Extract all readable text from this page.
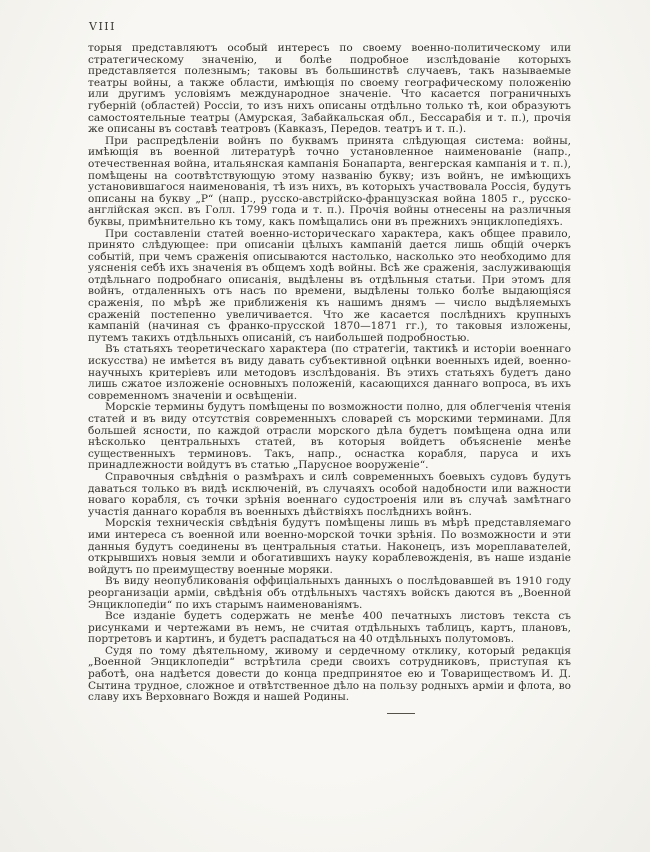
VIII

торыя представляютъ особый интересъ по своему военно-политическому или стратегическому значенію, и болѣе подробное изслѣдованіе которыхъ представляется полезнымъ; таковы въ большинствѣ случаевъ, такъ называемые театры войны, а также области, имѣющія по своему географическому положенію или другимъ условіямъ международное значеніе. Что касается пограничныхъ губерній (областей) Россіи, то изъ нихъ описаны отдѣльно только тѣ, кои образуютъ самостоятельные театры (Амурская, Забайкальская обл., Бессарабія и т. п.), прочія же описаны въ составѣ театровъ (Кавказъ, Передов. театръ и т. п.).

При распредѣленіи войнъ по буквамъ принята слѣдующая система: войны, имѣющія въ военной литературѣ точно установленное наименованіе (напр., отечественная война, итальянская кампанія Бонапарта, венгерская кампанія и т. п.), помѣщены на соотвѣтствующую этому названію букву; изъ войнъ, не имѣющихъ установившагося наименованія, тѣ изъ нихъ, въ которыхъ участвовала Россія, будутъ описаны на букву „Р“ (напр., русско-австрійско-французская война 1805 г., русско-англійская эксп. въ Голл. 1799 года и т. п.). Прочія войны отнесены на различныя буквы, примѣнительно къ тому, какъ помѣщались они въ прежнихъ энциклопедіяхъ.

При составленіи статей военно-историческаго характера, какъ общее правило, принято слѣдующее: при описаніи цѣлыхъ кампаній дается лишь общій очеркъ событій, при чемъ сраженія описываются настолько, насколько это необходимо для уясненія себѣ ихъ значенія въ общемъ ходѣ войны. Всѣ же сраженія, заслуживающія отдѣльнаго подробнаго описанія, выдѣлены въ отдѣльныя статьи. При этомъ для войнъ, отдаленныхъ отъ насъ по времени, выдѣлены только болѣе выдающіяся сраженія, по мѣрѣ же приближенія къ нашимъ днямъ — число выдѣляемыхъ сраженій постепенно увеличивается. Что же касается послѣднихъ крупныхъ кампаній (начиная съ франко-прусской 1870—1871 гг.), то таковыя изложены, путемъ такихъ отдѣльныхъ описаній, съ наибольшей подробностью.

Въ статьяхъ теоретическаго характера (по стратегіи, тактикѣ и исторіи военнаго искусства) не имѣется въ виду давать субъективной оцѣнки военныхъ идей, военно-научныхъ критеріевъ или методовъ изслѣдованія. Въ этихъ статьяхъ будетъ дано лишь сжатое изложеніе основныхъ положеній, касающихся даннаго вопроса, въ ихъ современномъ значеніи и освѣщеніи.

Морскіе термины будутъ помѣщены по возможности полно, для облегченія чтенія статей и въ виду отсутствія современныхъ словарей съ морскими терминами. Для большей ясности, по каждой отрасли морского дѣла будетъ помѣщена одна или нѣсколько центральныхъ статей, въ которыя войдетъ объясненіе менѣе существенныхъ терминовъ. Такъ, напр., оснастка корабля, паруса и ихъ принадлежности войдутъ въ статью „Парусное вооруженіе“.

Справочныя свѣдѣнія о размѣрахъ и силѣ современныхъ боевыхъ судовъ будутъ даваться только въ видѣ исключеній, въ случаяхъ особой надобности или важности новаго корабля, съ точки зрѣнія военнаго судостроенія или въ случаѣ замѣтнаго участія даннаго корабля въ военныхъ дѣйствіяхъ послѣднихъ войнъ.

Морскія техническія свѣдѣнія будутъ помѣщены лишь въ мѣрѣ представляемаго ими интереса съ военной или военно-морской точки зрѣнія. По возможности и эти данныя будутъ соединены въ центральныя статьи. Наконецъ, изъ мореплавателей, открывшихъ новыя земли и обогатившихъ науку кораблевожденія, въ наше изданіе войдутъ по преимуществу военные моряки.

Въ виду неопубликованія оффиціальныхъ данныхъ о послѣдовавшей въ 1910 году реорганизаціи арміи, свѣдѣнія объ отдѣльныхъ частяхъ войскъ даются въ „Военной Энциклопедіи“ по ихъ старымъ наименованіямъ.

Все изданіе будетъ содержать не менѣе 400 печатныхъ листовъ текста съ рисунками и чертежами въ немъ, не считая отдѣльныхъ таблицъ, картъ, плановъ, портретовъ и картинъ, и будетъ распадаться на 40 отдѣльныхъ полутомовъ.

Судя по тому дѣятельному, живому и сердечному отклику, который редакція „Военной Энциклопедіи“ встрѣтила среди своихъ сотрудниковъ, приступая къ работѣ, она надѣется довести до конца предпринятое ею и Товариществомъ И. Д. Сытина трудное, сложное и отвѣтственное дѣло на пользу родныхъ арміи и флота, во славу ихъ Верховнаго Вождя и нашей Родины.
